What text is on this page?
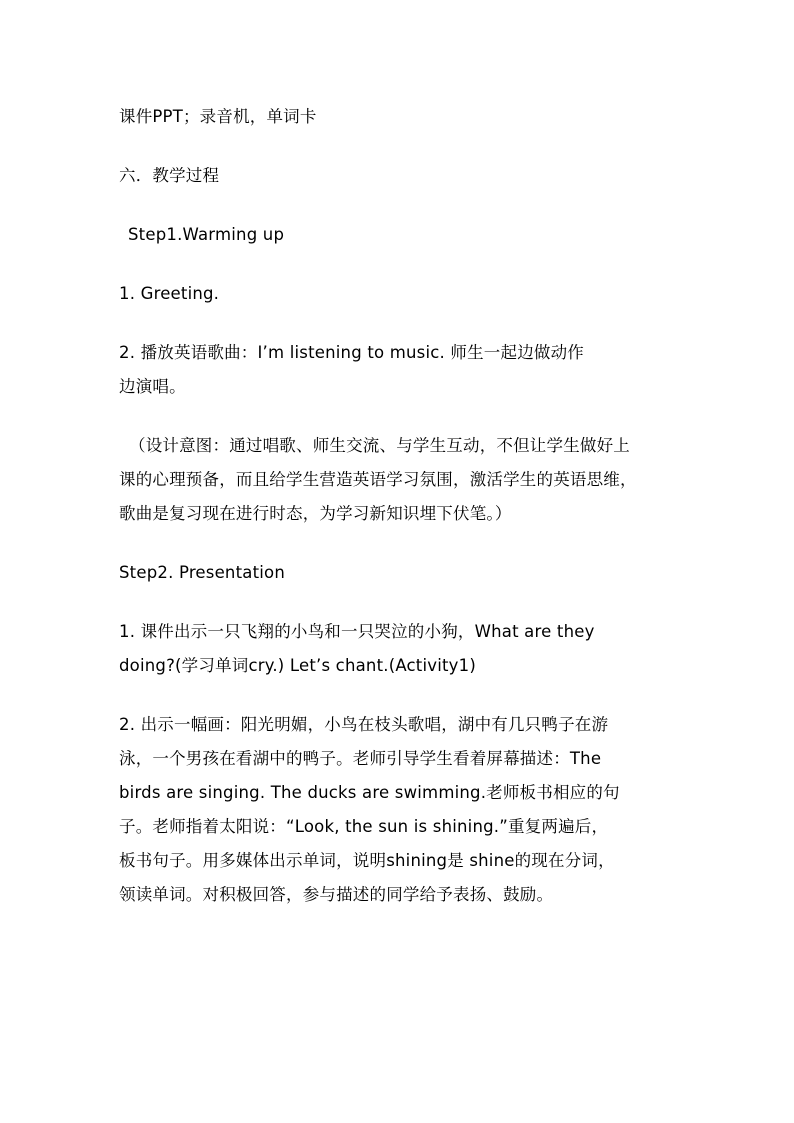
课件PPT；录音机，单词卡

六．教学过程

Step1.Warming up

1. Greeting.

2. 播放英语歌曲：I’m listening to music. 师生一起边做动作
边演唱。

（设计意图：通过唱歌、师生交流、与学生互动，不但让学生做好上
课的心理预备，而且给学生营造英语学习氛围，激活学生的英语思维，
歌曲是复习现在进行时态，为学习新知识埋下伏笔。）

Step2. Presentation

1. 课件出示一只飞翔的小鸟和一只哭泣的小狗，What are they
doing?(学习单词cry.) Let’s chant.(Activity1)

2. 出示一幅画：阳光明媚，小鸟在枝头歌唱，湖中有几只鸭子在游
泳，一个男孩在看湖中的鸭子。老师引导学生看着屏幕描述：The
birds are singing. The ducks are swimming.老师板书相应的句
子。老师指着太阳说：“Look, the sun is shining.”重复两遍后，
板书句子。用多媒体出示单词，说明shining是 shine的现在分词，
领读单词。对积极回答，参与描述的同学给予表扬、鼓励。
